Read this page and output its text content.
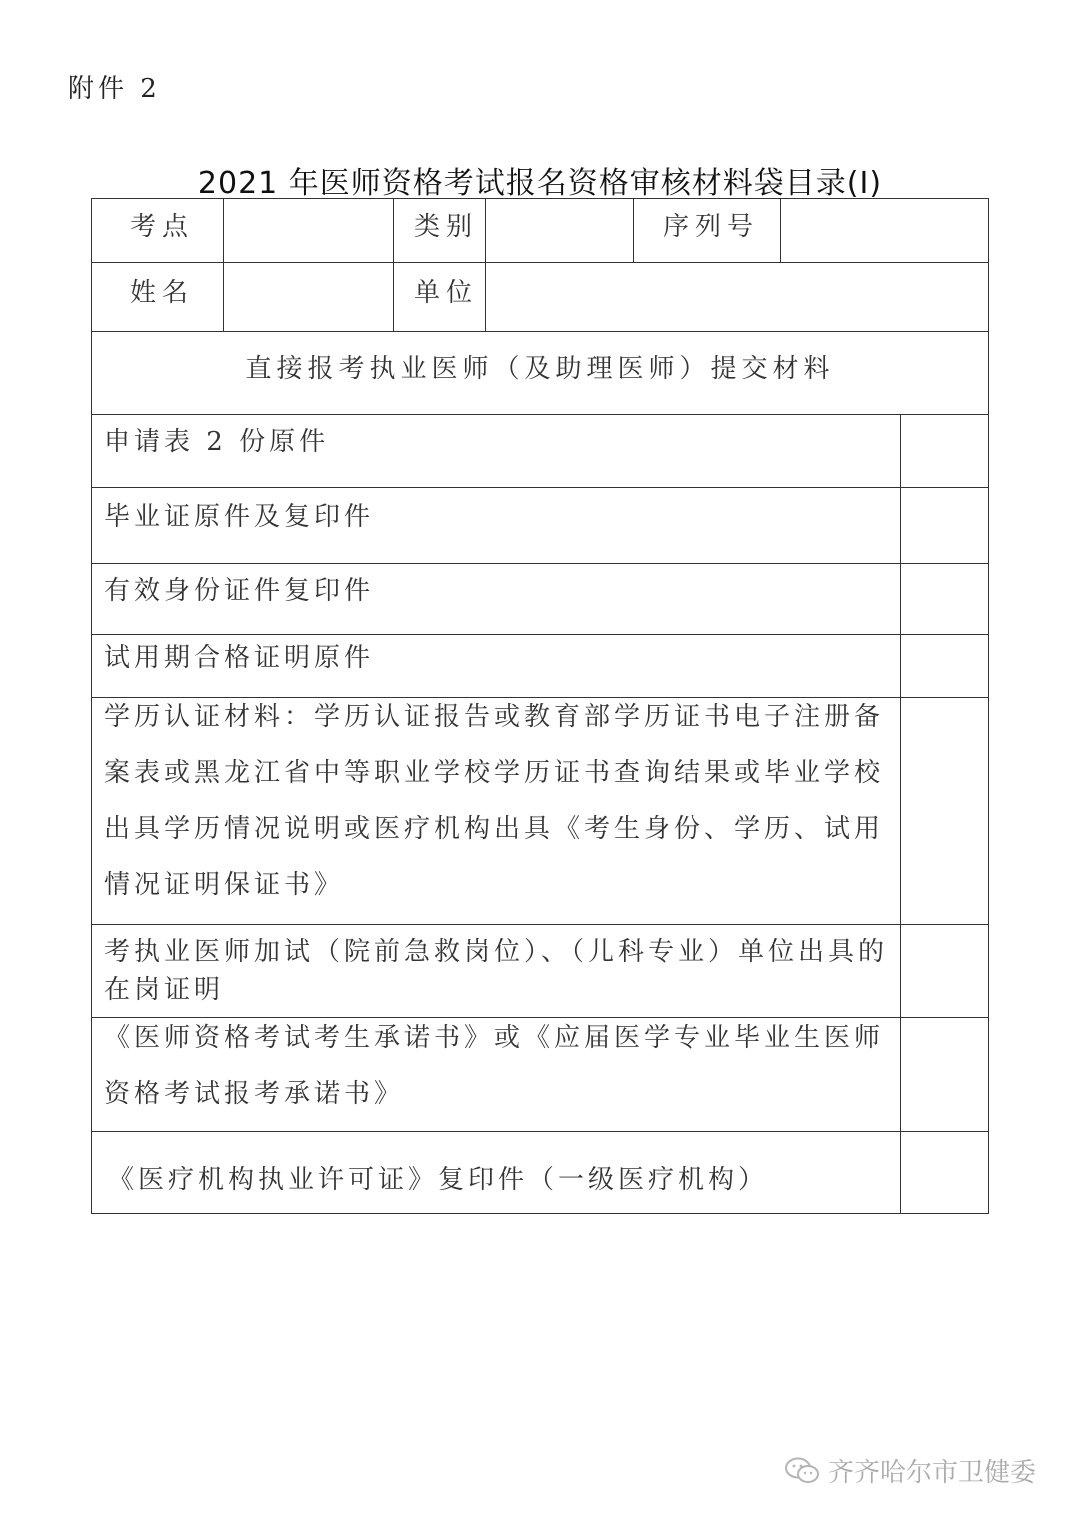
附件 2
2021 年医师资格考试报名资格审核材料袋目录(I)
考点	类别	序列号
姓名	单位
直接报考执业医师（及助理医师）提交材料
申请表 2 份原件
毕业证原件及复印件
有效身份证件复印件
试用期合格证明原件
学历认证材料：学历认证报告或教育部学历证书电子注册备案表或黑龙江省中等职业学校学历证书查询结果或毕业学校出具学历情况说明或医疗机构出具《考生身份、学历、试用情况证明保证书》
考执业医师加试（院前急救岗位）、（儿科专业）单位出具的在岗证明
《医师资格考试考生承诺书》或《应届医学专业毕业生医师资格考试报考承诺书》
《医疗机构执业许可证》复印件（一级医疗机构）
齐齐哈尔市卫健委
